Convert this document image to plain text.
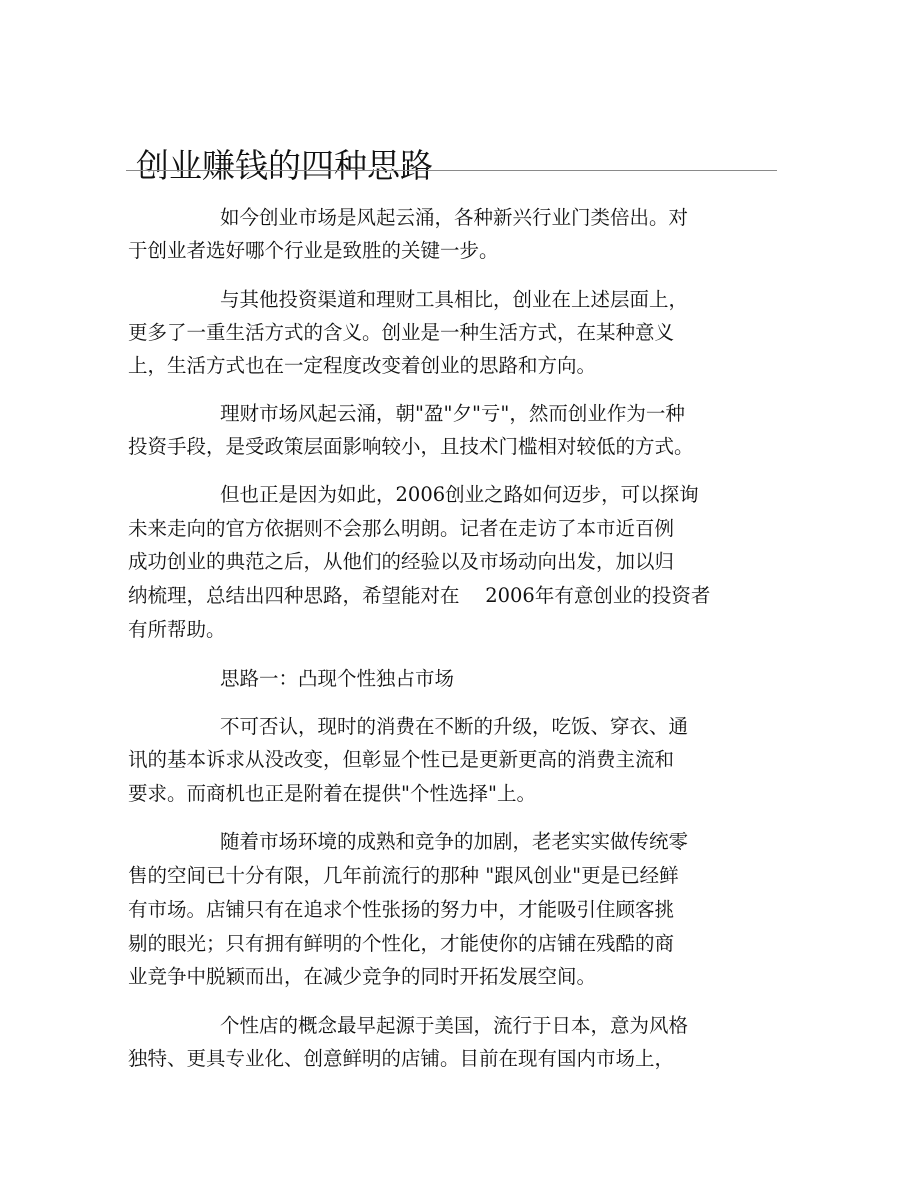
创业赚钱的四种思路
如今创业市场是风起云涌，各种新兴行业门类倍出。对
于创业者选好哪个行业是致胜的关键一步。
与其他投资渠道和理财工具相比，创业在上述层面上，
更多了一重生活方式的含义。创业是一种生活方式，在某种意义
上，生活方式也在一定程度改变着创业的思路和方向。
理财市场风起云涌，朝"盈"夕"亏"，然而创业作为一种
投资手段，是受政策层面影响较小，且技术门槛相对较低的方式。
但也正是因为如此，2006创业之路如何迈步，可以探询
未来走向的官方依据则不会那么明朗。记者在走访了本市近百例
成功创业的典范之后，从他们的经验以及市场动向出发，加以归
纳梳理，总结出四种思路，希望能对在　 2006年有意创业的投资者
有所帮助。
思路一：凸现个性独占市场
不可否认，现时的消费在不断的升级，吃饭、穿衣、通
讯的基本诉求从没改变，但彰显个性已是更新更高的消费主流和
要求。而商机也正是附着在提供"个性选择"上。
随着市场环境的成熟和竞争的加剧，老老实实做传统零
售的空间已十分有限，几年前流行的那种 "跟风创业"更是已经鲜
有市场。店铺只有在追求个性张扬的努力中，才能吸引住顾客挑
剔的眼光；只有拥有鲜明的个性化，才能使你的店铺在残酷的商
业竞争中脱颖而出，在减少竞争的同时开拓发展空间。
个性店的概念最早起源于美国，流行于日本，意为风格
独特、更具专业化、创意鲜明的店铺。目前在现有国内市场上，
